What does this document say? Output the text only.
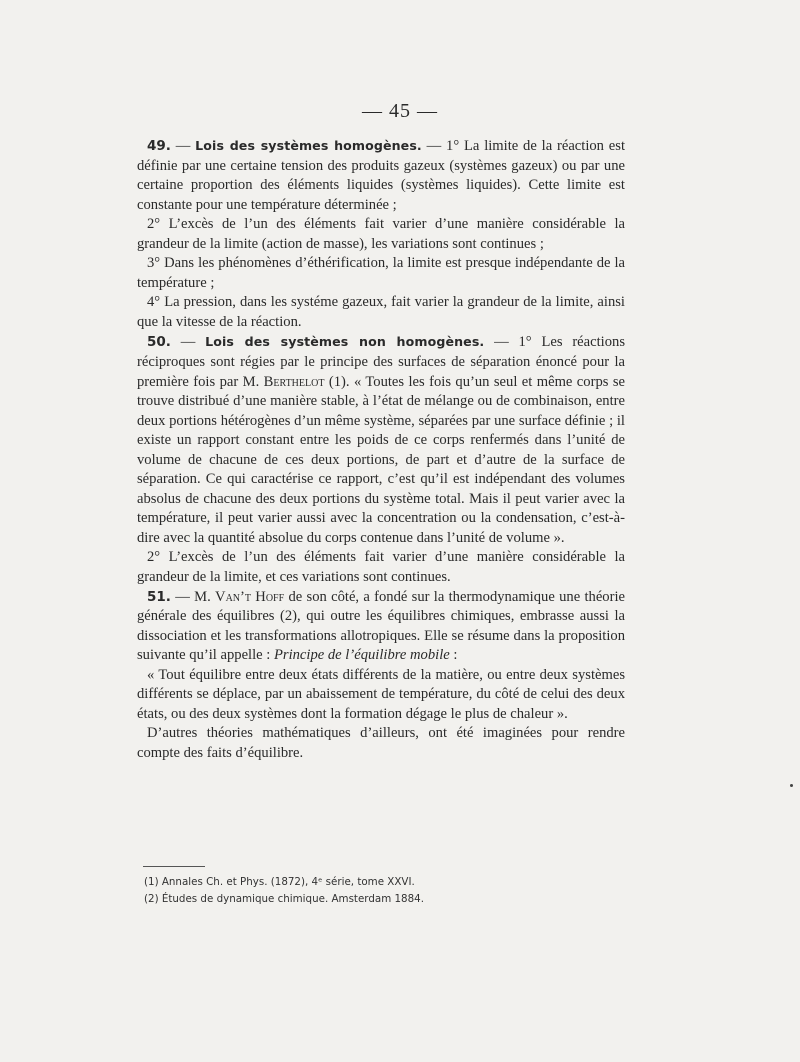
— 45 —

49. — Lois des systèmes homogènes. — 1° La limite de la réaction est définie par une certaine tension des produits gazeux (systèmes gazeux) ou par une certaine proportion des éléments liquides (systèmes liquides). Cette limite est constante pour une température déterminée ;

2° L’excès de l’un des éléments fait varier d’une manière considérable la grandeur de la limite (action de masse), les variations sont continues ;

3° Dans les phénomènes d’éthérification, la limite est presque indépendante de la température ;

4° La pression, dans les systéme gazeux, fait varier la grandeur de la limite, ainsi que la vitesse de la réaction.

50. — Lois des systèmes non homogènes. — 1° Les réactions réciproques sont régies par le principe des surfaces de séparation énoncé pour la première fois par M. Berthelot (1). « Toutes les fois qu’un seul et même corps se trouve distribué d’une manière stable, à l’état de mélange ou de combinaison, entre deux portions hétérogènes d’un même système, séparées par une surface définie ; il existe un rapport constant entre les poids de ce corps renfermés dans l’unité de volume de chacune de ces deux portions, de part et d’autre de la surface de séparation. Ce qui caractérise ce rapport, c’est qu’il est indépendant des volumes absolus de chacune des deux portions du système total. Mais il peut varier avec la température, il peut varier aussi avec la concentration ou la condensation, c’est-à-dire avec la quantité absolue du corps contenue dans l’unité de volume ».

2° L’excès de l’un des éléments fait varier d’une manière considérable la grandeur de la limite, et ces variations sont continues.

51. — M. Van’t Hoff de son côté, a fondé sur la thermodynamique une théorie générale des équilibres (2), qui outre les équilibres chimiques, embrasse aussi la dissociation et les transformations allotropiques. Elle se résume dans la proposition suivante qu’il appelle : Principe de l’équilibre mobile :

« Tout équilibre entre deux états différents de la matière, ou entre deux systèmes différents se déplace, par un abaissement de température, du côté de celui des deux états, ou des deux systèmes dont la formation dégage le plus de chaleur ».

D’autres théories mathématiques d’ailleurs, ont été imaginées pour rendre compte des faits d’équilibre.

(1) Annales Ch. et Phys. (1872), 4ᵉ série, tome XXVI.

(2) Études de dynamique chimique. Amsterdam 1884.
